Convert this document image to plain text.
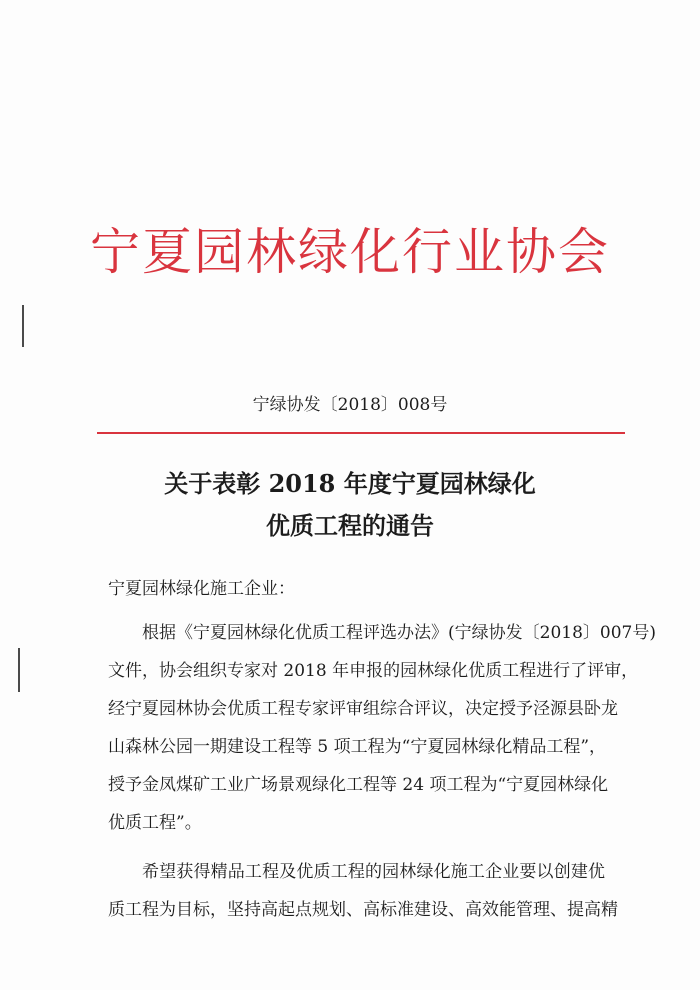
宁夏园林绿化行业协会
宁绿协发〔2018〕008号
关于表彰 2018 年度宁夏园林绿化
优质工程的通告
宁夏园林绿化施工企业：
根据《宁夏园林绿化优质工程评选办法》(宁绿协发〔2018〕007号)
文件，协会组织专家对 2018 年申报的园林绿化优质工程进行了评审，
经宁夏园林协会优质工程专家评审组综合评议，决定授予泾源县卧龙
山森林公园一期建设工程等 5 项工程为“宁夏园林绿化精品工程”，
授予金凤煤矿工业广场景观绿化工程等 24 项工程为“宁夏园林绿化
优质工程”。
希望获得精品工程及优质工程的园林绿化施工企业要以创建优
质工程为目标，坚持高起点规划、高标准建设、高效能管理、提高精
